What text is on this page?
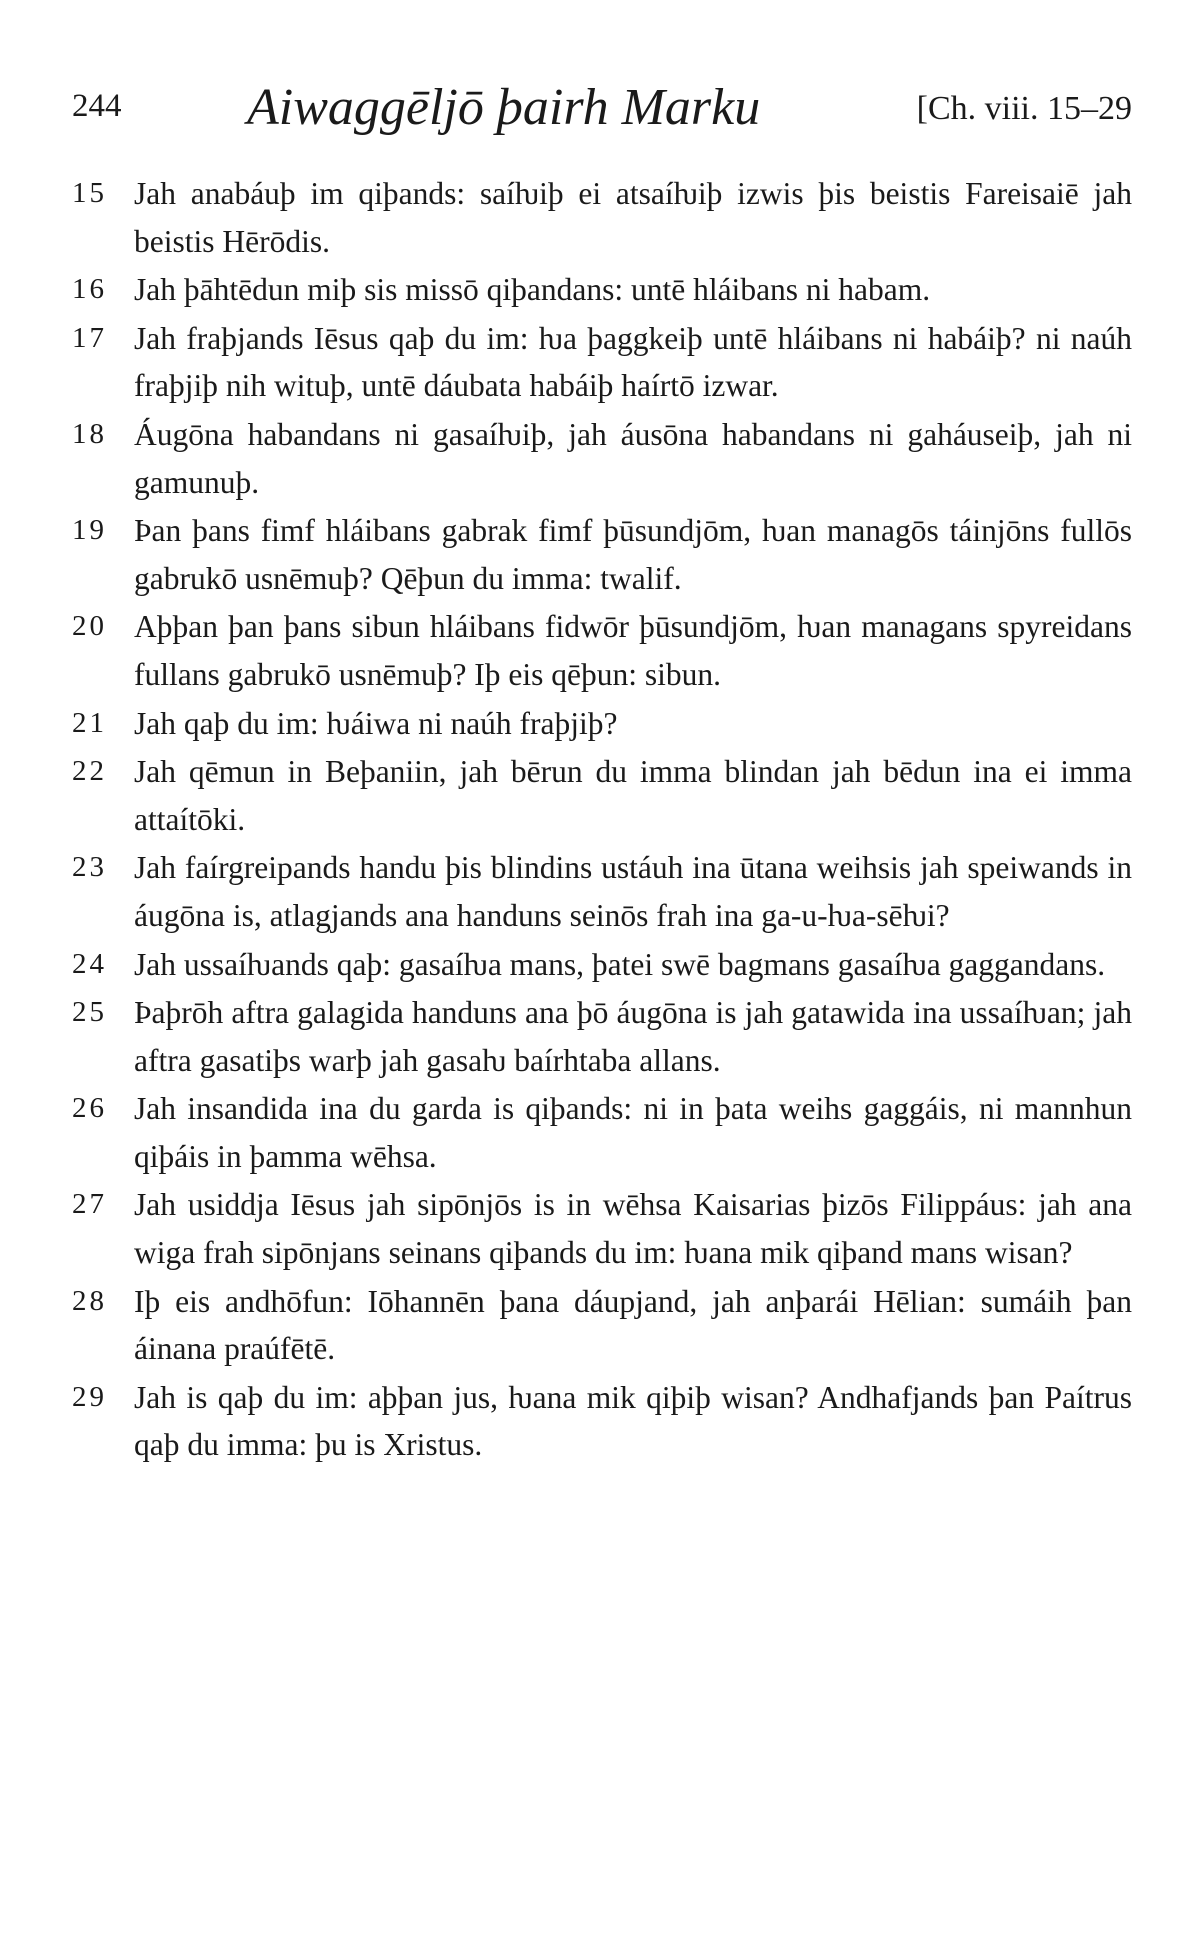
244 Aiwaggēljō þairh Marku	[Ch. viii. 15–29

15 Jah anabáuþ im qiþands: saíƕiþ ei atsaíƕiþ izwis þis beistis Fareisaiē jah beistis Hērōdis.

16 Jah þāhtēdun miþ sis missō qiþandans: untē hláibans ni habam.

17 Jah fraþjands Iēsus qaþ du im: ƕa þaggkeiþ untē hláibans ni habáiþ? ni naúh fraþjiþ nih wituþ, untē dáubata habáiþ haírtō izwar.

18 Áugōna habandans ni gasaíƕiþ, jah áusōna habandans ni gaháuseiþ, jah ni gamunuþ.

19 Þan þans fimf hláibans gabrak fimf þūsundjōm, ƕan managōs táinjōns fullōs gabrukō usnēmuþ? Qēþun du imma: twalif.

20 Aþþan þan þans sibun hláibans fidwōr þūsundjōm, ƕan managans spyreidans fullans gabrukō usnēmuþ? Iþ eis qēþun: sibun.

21 Jah qaþ du im: ƕáiwa ni naúh fraþjiþ?

22 Jah qēmun in Beþaniin, jah bērun du imma blindan jah bēdun ina ei imma attaítōki.

23 Jah faírgreipands handu þis blindins ustáuh ina ūtana weihsis jah speiwands in áugōna is, atlagjands ana handuns seinōs frah ina ga-u-ƕa-sēƕi?

24 Jah ussaíƕands qaþ: gasaíƕa mans, þatei swē bagmans gasaíƕa gaggandans.

25 Þaþrōh aftra galagida handuns ana þō áugōna is jah gatawida ina ussaíƕan; jah aftra gasatiþs warþ jah gasaƕ baírhtaba allans.

26 Jah insandida ina du garda is qiþands: ni in þata weihs gaggáis, ni mannhun qiþáis in þamma wēhsa.

27 Jah usiddja Iēsus jah sipōnjōs is in wēhsa Kaisarias þizōs Filippáus: jah ana wiga frah sipōnjans seinans qiþands du im: ƕana mik qiþand mans wisan?

28 Iþ eis andhōfun: Iōhannēn þana dáupjand, jah anþarái Hēlian: sumáih þan áinana praúfētē.

29 Jah is qaþ du im: aþþan jus, ƕana mik qiþiþ wisan? Andhafjands þan Paítrus qaþ du imma: þu is Xristus.
